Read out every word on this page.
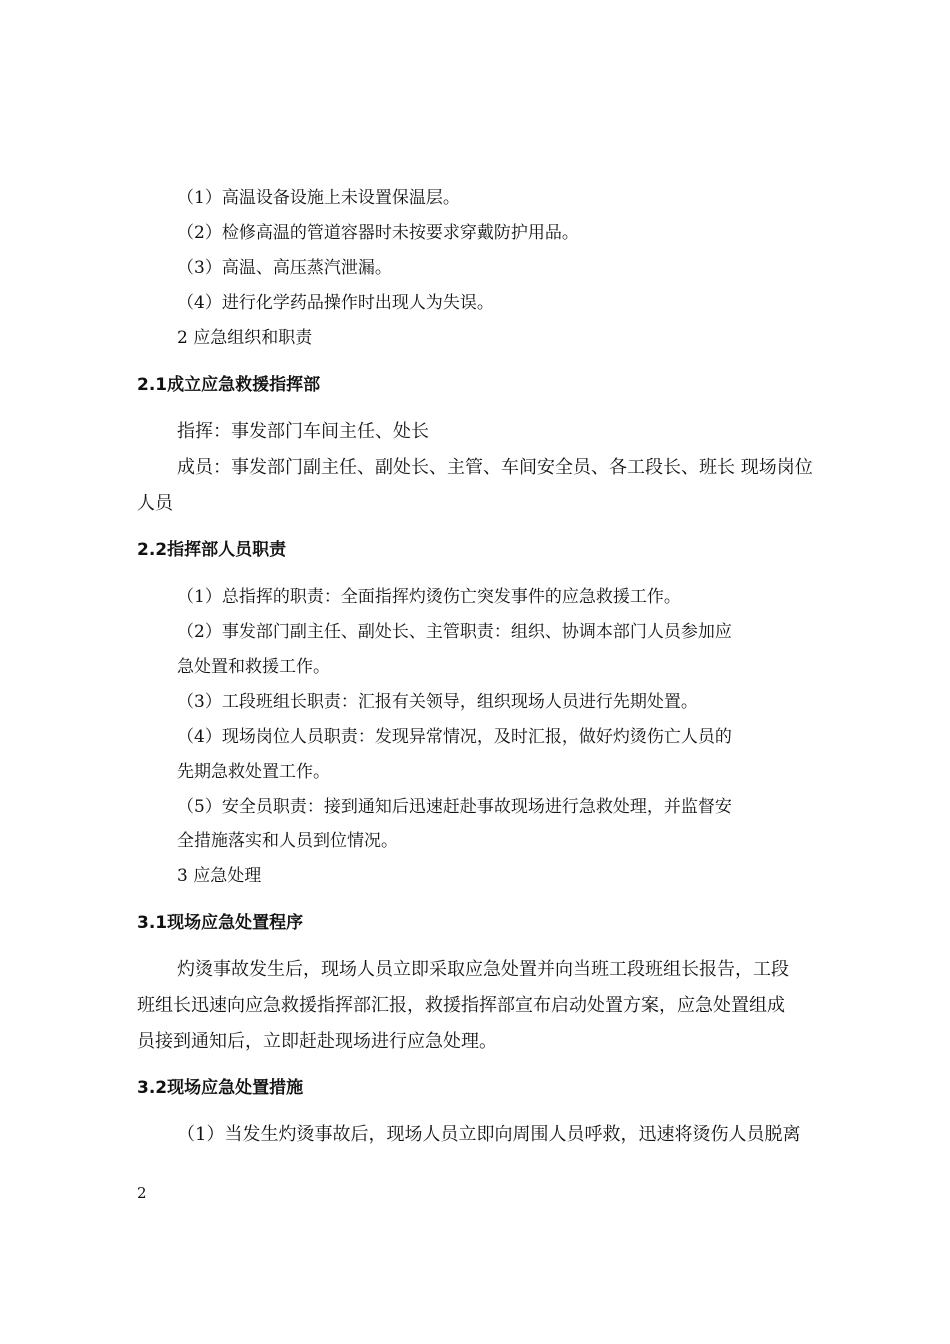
（1）高温设备设施上未设置保温层。
（2）检修高温的管道容器时未按要求穿戴防护用品。
（3）高温、高压蒸汽泄漏。
（4）进行化学药品操作时出现人为失误。
2 应急组织和职责
2.1成立应急救援指挥部
指挥：事发部门车间主任、处长
成员：事发部门副主任、副处长、主管、车间安全员、各工段长、班长 现场岗位
人员
2.2指挥部人员职责
（1）总指挥的职责：全面指挥灼烫伤亡突发事件的应急救援工作。
（2）事发部门副主任、副处长、主管职责：组织、协调本部门人员参加应
急处置和救援工作。
（3）工段班组长职责：汇报有关领导，组织现场人员进行先期处置。
（4）现场岗位人员职责：发现异常情况，及时汇报，做好灼烫伤亡人员的
先期急救处置工作。
（5）安全员职责：接到通知后迅速赶赴事故现场进行急救处理，并监督安
全措施落实和人员到位情况。
3 应急处理
3.1现场应急处置程序
灼烫事故发生后，现场人员立即采取应急处置并向当班工段班组长报告，工段
班组长迅速向应急救援指挥部汇报，救援指挥部宣布启动处置方案，应急处置组成
员接到通知后，立即赶赴现场进行应急处理。
3.2现场应急处置措施
（1）当发生灼烫事故后，现场人员立即向周围人员呼救，迅速将烫伤人员脱离
2
